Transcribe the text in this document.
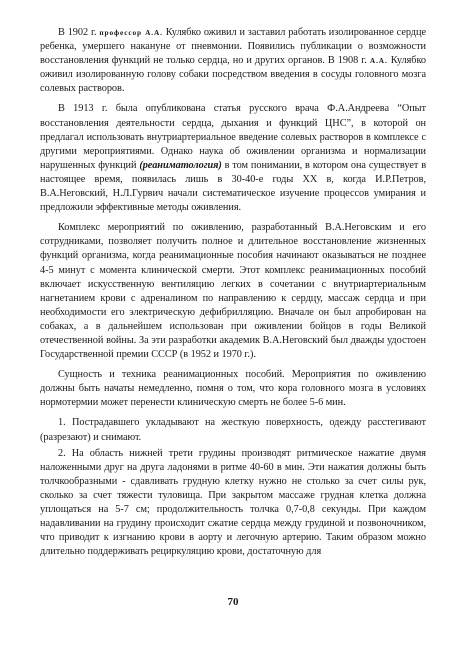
В 1902 г. профессор А.А. Кулябко оживил и заставил работать изолированное сердце ребенка, умершего накануне от пневмонии. Появились публикации о возможности восстановления функций не только сердца, но и других органов. В 1908 г. А.А. Кулябко оживил изолированную голову собаки посредством введения в сосуды головного мозга солевых растворов.

В 1913 г. была опубликована статья русского врача Ф.А.Андреева “Опыт восстановления деятельности сердца, дыхания и функций ЦНС”, в которой он предлагал использовать внутриартериальное введение солевых растворов в комплексе с другими мероприятиями. Однако наука об оживлении организма и нормализации нарушенных функций (реаниматология) в том понимании, в котором она существует в настоящее время, появилась лишь в 30-40-е годы XX в, когда И.Р.Петров, В.А.Неговский, Н.Л.Гурвич начали систематическое изучение процессов умирания и предложили эффективные методы оживления.

Комплекс мероприятий по оживлению, разработанный В.А.Неговским и его сотрудниками, позволяет получить полное и длительное восстановление жизненных функций организма, когда реанимационные пособия начинают оказываться не позднее 4-5 минут с момента клинической смерти. Этот комплекс реанимационных пособий включает искусственную вентиляцию легких в сочетании с внутриартериальным нагнетанием крови с адреналином по направлению к сердцу, массаж сердца и при необходимости его электрическую дефибрилляцию. Вначале он был апробирован на собаках, а в дальнейшем использован при оживлении бойцов в годы Великой отечественной войны. За эти разработки академик В.А.Неговский был дважды удостоен Государственной премии СССР (в 1952 и 1970 г.).

Сущность и техника реанимационных пособий. Мероприятия по оживлению должны быть начаты немедленно, помня о том, что кора головного мозга в условиях нормотермии может перенести клиническую смерть не более 5-6 мин.

1. Пострадавшего укладывают на жесткую поверхность, одежду расстегивают (разрезают) и снимают.

2. На область нижней трети грудины производят ритмическое нажатие двумя наложенными друг на друга ладонями в ритме 40-60 в мин. Эти нажатия должны быть толчкообразными - сдавливать грудную клетку нужно не столько за счет силы рук, сколько за счет тяжести туловища. При закрытом массаже грудная клетка должна уплощаться на 5-7 см; продолжительность толчка 0,7-0,8 секунды. При каждом надавливании на грудину происходит сжатие сердца между грудиной и позвоночником, что приводит к изгнанию крови в аорту и легочную артерию. Таким образом можно длительно поддерживать рециркуляцию крови, достаточную для

70
